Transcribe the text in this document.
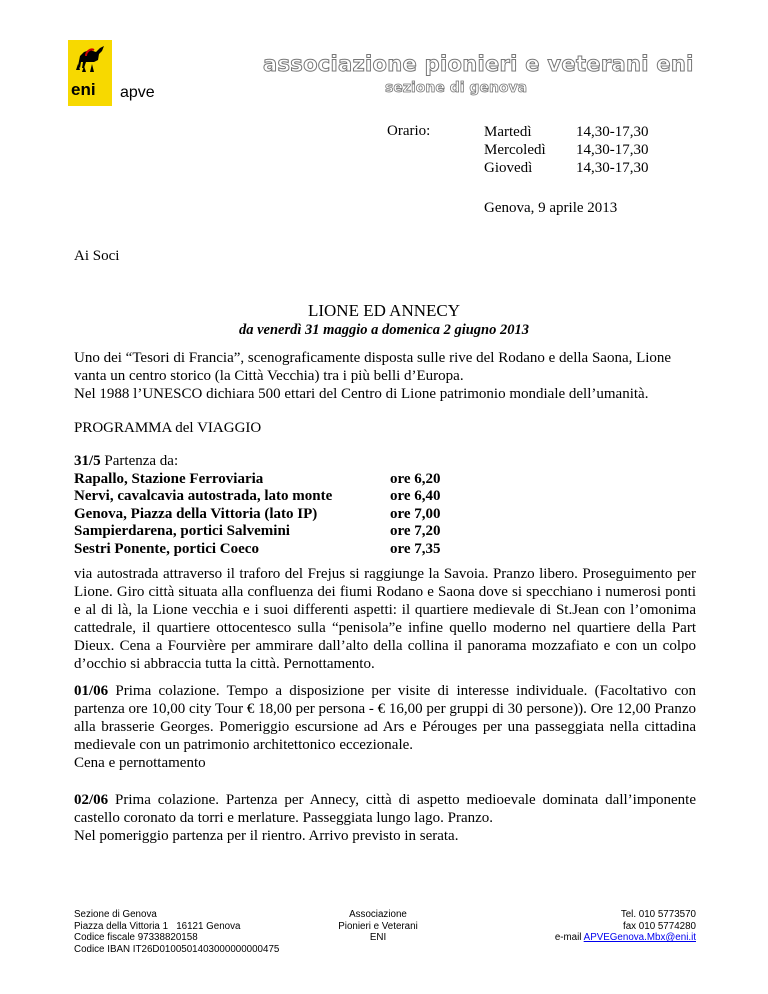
eni apve
associazione pionieri e veterani eni
sezione di genova
Orario:	Martedì	14,30-17,30
Mercoledì 14,30-17,30
Giovedì	14,30-17,30
Genova, 9 aprile 2013
Ai Soci
LIONE ED ANNECY
da venerdì 31 maggio a domenica 2 giugno 2013
Uno dei “Tesori di Francia”, scenograficamente disposta sulle rive del Rodano e della Saona, Lione vanta un centro storico (la Città Vecchia) tra i più belli d’Europa.
Nel 1988 l’UNESCO dichiara 500 ettari del Centro di Lione patrimonio mondiale dell’umanità.
PROGRAMMA del VIAGGIO
31/5 Partenza da:
Rapallo, Stazione Ferroviaria	ore 6,20
Nervi, cavalcavia autostrada, lato monte	ore 6,40
Genova, Piazza della Vittoria (lato IP)	ore 7,00
Sampierdarena, portici Salvemini	ore 7,20
Sestri Ponente, portici Coeco	ore 7,35
via autostrada attraverso il traforo del Frejus si raggiunge la Savoia. Pranzo libero. Proseguimento per Lione. Giro città situata alla confluenza dei fiumi Rodano e Saona dove si specchiano i numerosi ponti e al di là, la Lione vecchia e i suoi differenti aspetti: il quartiere medievale di St.Jean con l’omonima cattedrale, il quartiere ottocentesco sulla “penisola”e infine quello moderno nel quartiere della Part Dieux. Cena a Fourvière per ammirare dall’alto della collina il panorama mozzafiato e con un colpo d’occhio si abbraccia tutta la città. Pernottamento.
01/06 Prima colazione. Tempo a disposizione per visite di interesse individuale. (Facoltativo con partenza ore 10,00 city Tour € 18,00 per persona - € 16,00 per gruppi di 30 persone)). Ore 12,00 Pranzo alla brasserie Georges. Pomeriggio escursione ad Ars e Pérouges per una passeggiata nella cittadina medievale con un patrimonio architettonico eccezionale.
Cena e pernottamento
02/06 Prima colazione. Partenza per Annecy, città di aspetto medioevale dominata dall’imponente castello coronato da torri e merlature. Passeggiata lungo lago. Pranzo.
Nel pomeriggio partenza per il rientro. Arrivo previsto in serata.
Sezione di Genova
Piazza della Vittoria 1   16121 Genova
Codice fiscale 97338820158
Codice IBAN IT26D0100501403000000000475
Associazione
Pionieri e Veterani
ENI
Tel. 010 5773570
fax 010 5774280
e-mail APVEGenova.Mbx@eni.it
